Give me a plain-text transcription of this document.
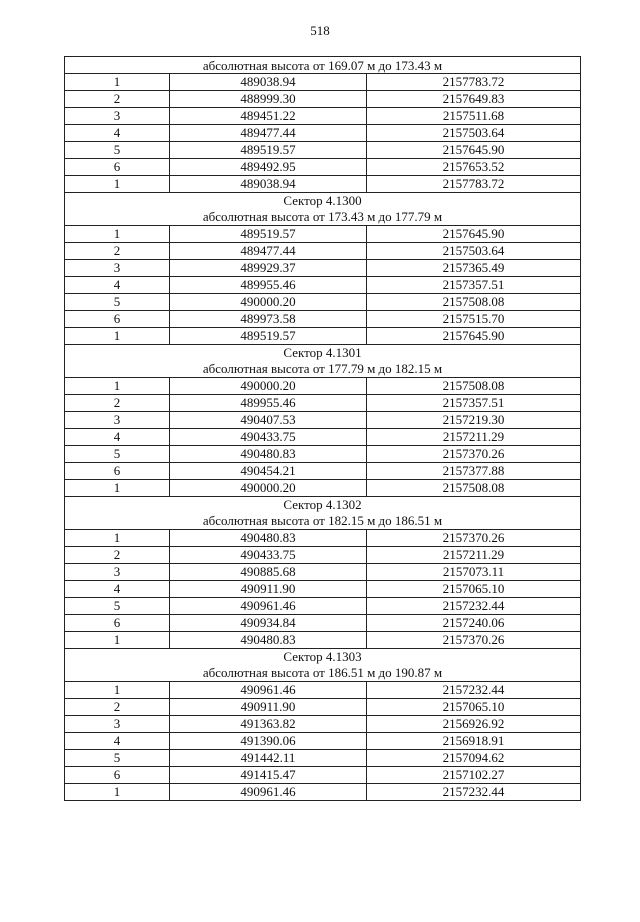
518
абсолютная высота от 169.07 м до 173.43 м		

1	489038.94	2157783.72
2	488999.30	2157649.83
3	489451.22	2157511.68
4	489477.44	2157503.64
5	489519.57	2157645.90
6	489492.95	2157653.52
1	489038.94	2157783.72

Сектор 4.1300
абсолютная высота от 173.43 м до 177.79 м		

1	489519.57	2157645.90
2	489477.44	2157503.64
3	489929.37	2157365.49
4	489955.46	2157357.51
5	490000.20	2157508.08
6	489973.58	2157515.70
1	489519.57	2157645.90

Сектор 4.1301
абсолютная высота от 177.79 м до 182.15 м		

1	490000.20	2157508.08
2	489955.46	2157357.51
3	490407.53	2157219.30
4	490433.75	2157211.29
5	490480.83	2157370.26
6	490454.21	2157377.88
1	490000.20	2157508.08

Сектор 4.1302
абсолютная высота от 182.15 м до 186.51 м		

1	490480.83	2157370.26
2	490433.75	2157211.29
3	490885.68	2157073.11
4	490911.90	2157065.10
5	490961.46	2157232.44
6	490934.84	2157240.06
1	490480.83	2157370.26

Сектор 4.1303
абсолютная высота от 186.51 м до 190.87 м		

1	490961.46	2157232.44
2	490911.90	2157065.10
3	491363.82	2156926.92
4	491390.06	2156918.91
5	491442.11	2157094.62
6	491415.47	2157102.27
1	490961.46	2157232.44
